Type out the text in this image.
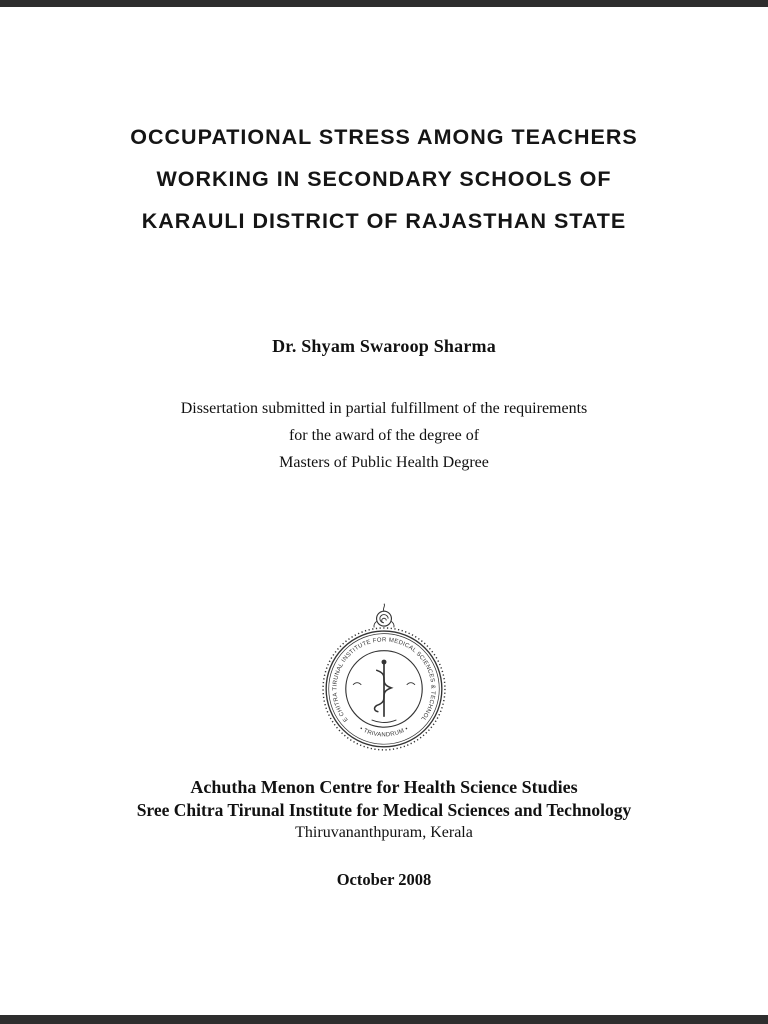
OCCUPATIONAL STRESS AMONG TEACHERS
WORKING IN SECONDARY SCHOOLS OF
KARAULI DISTRICT OF RAJASTHAN STATE
Dr. Shyam Swaroop Sharma
Dissertation submitted in partial fulfillment of the requirements
for the award of the degree of
Masters of Public Health Degree
SREE CHITRA TIRUNAL INSTITUTE FOR MEDICAL SCIENCES & TECHNOLOGY
• TRIVANDRUM •
Achutha Menon Centre for Health Science Studies
Sree Chitra Tirunal Institute for Medical Sciences and Technology
Thiruvananthpuram, Kerala
October 2008
